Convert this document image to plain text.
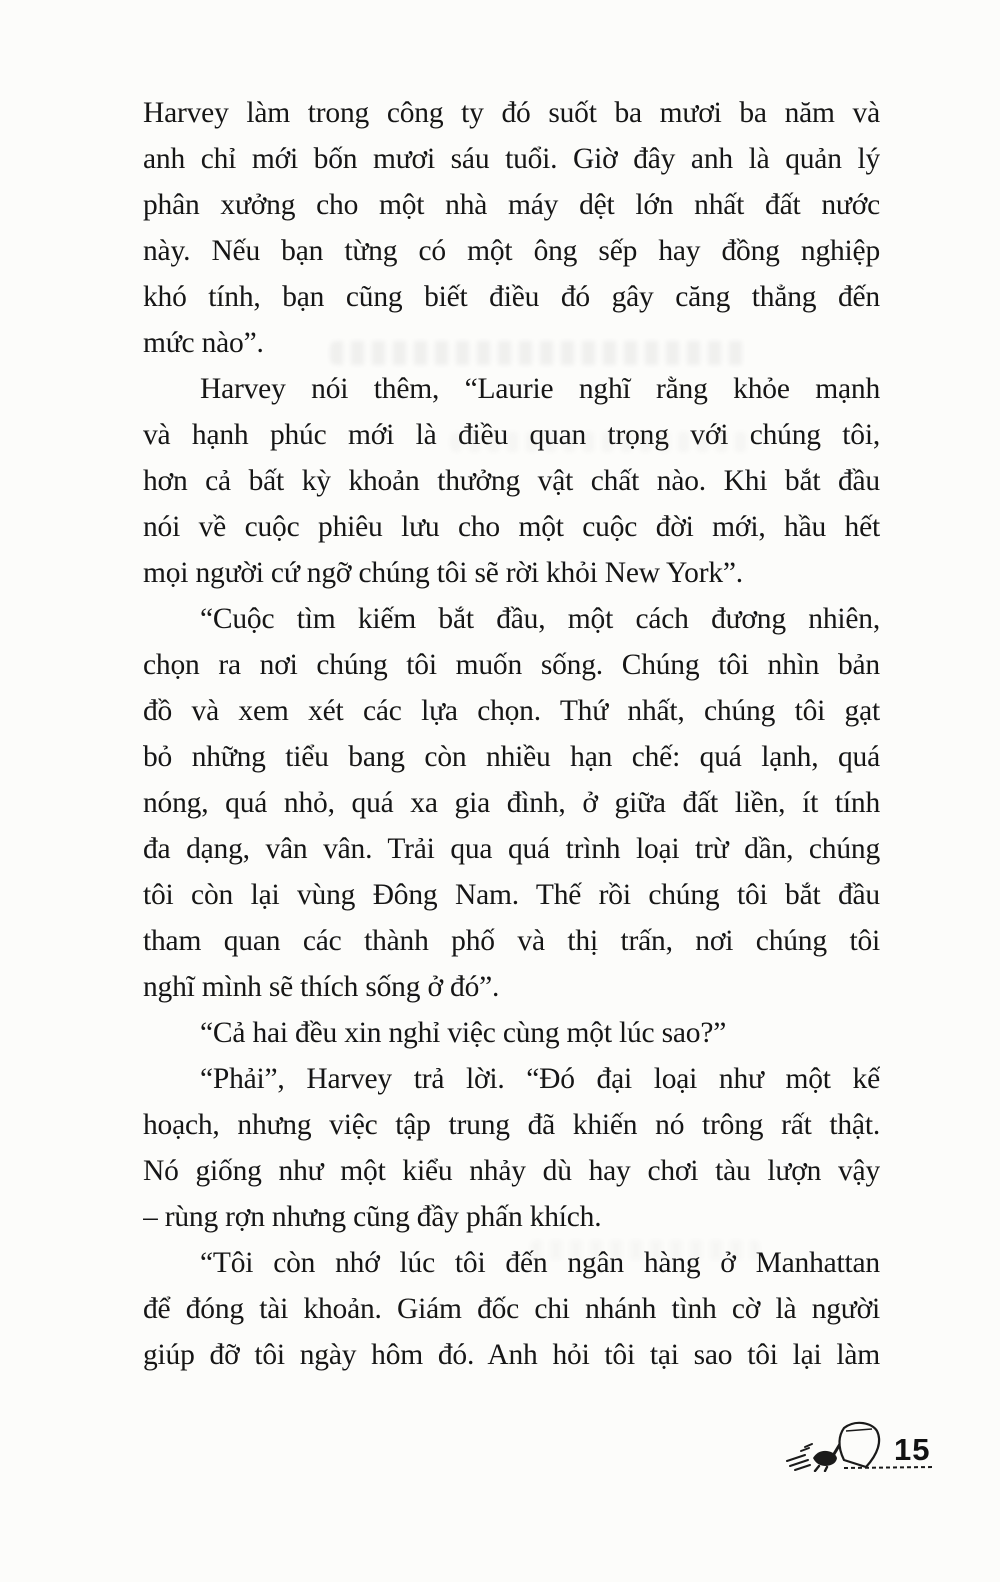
Harvey làm trong công ty đó suốt ba mươi ba năm và
anh chỉ mới bốn mươi sáu tuổi. Giờ đây anh là quản lý
phân xưởng cho một nhà máy dệt lớn nhất đất nước
này. Nếu bạn từng có một ông sếp hay đồng nghiệp
khó tính, bạn cũng biết điều đó gây căng thẳng đến
mức nào”.
Harvey nói thêm, “Laurie nghĩ rằng khỏe mạnh
và hạnh phúc mới là điều quan trọng với chúng tôi,
hơn cả bất kỳ khoản thưởng vật chất nào. Khi bắt đầu
nói về cuộc phiêu lưu cho một cuộc đời mới, hầu hết
mọi người cứ ngỡ chúng tôi sẽ rời khỏi New York”.
“Cuộc tìm kiếm bắt đầu, một cách đương nhiên,
chọn ra nơi chúng tôi muốn sống. Chúng tôi nhìn bản
đồ và xem xét các lựa chọn. Thứ nhất, chúng tôi gạt
bỏ những tiểu bang còn nhiều hạn chế: quá lạnh, quá
nóng, quá nhỏ, quá xa gia đình, ở giữa đất liền, ít tính
đa dạng, vân vân. Trải qua quá trình loại trừ dần, chúng
tôi còn lại vùng Đông Nam. Thế rồi chúng tôi bắt đầu
tham quan các thành phố và thị trấn, nơi chúng tôi
nghĩ mình sẽ thích sống ở đó”.
“Cả hai đều xin nghỉ việc cùng một lúc sao?”
“Phải”, Harvey trả lời. “Đó đại loại như một kế
hoạch, nhưng việc tập trung đã khiến nó trông rất thật.
Nó giống như một kiểu nhảy dù hay chơi tàu lượn vậy
– rùng rợn nhưng cũng đầy phấn khích.
“Tôi còn nhớ lúc tôi đến ngân hàng ở Manhattan
để đóng tài khoản. Giám đốc chi nhánh tình cờ là người
giúp đỡ tôi ngày hôm đó. Anh hỏi tôi tại sao tôi lại làm
15
